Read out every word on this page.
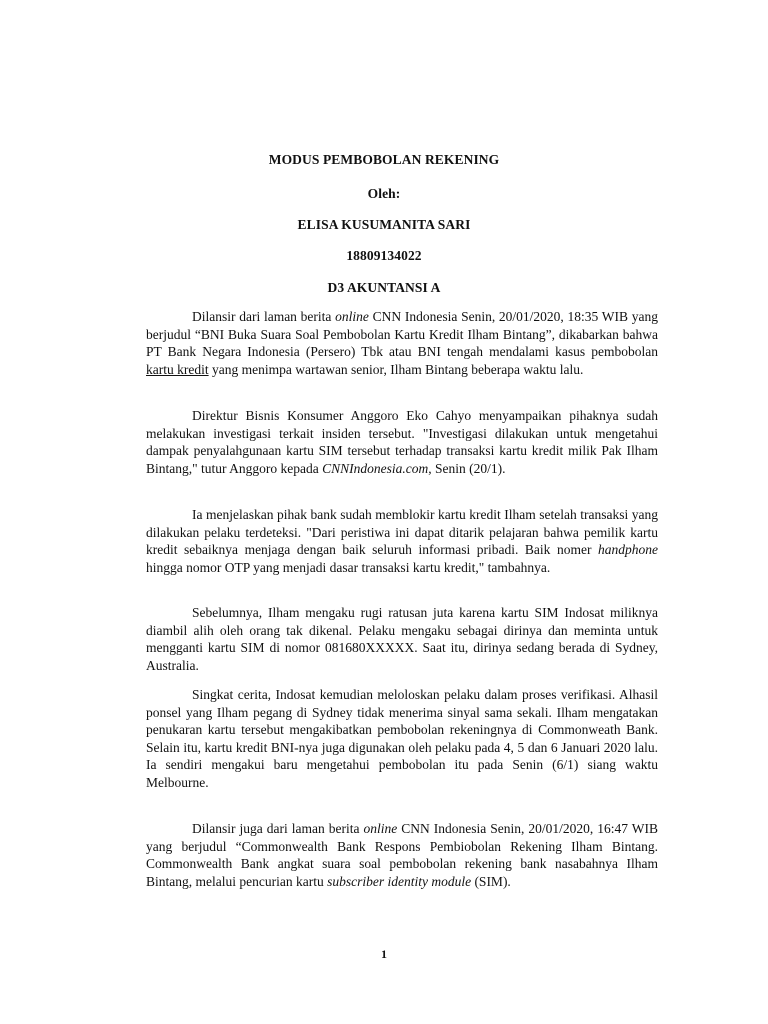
MODUS PEMBOBOLAN REKENING
Oleh:
ELISA KUSUMANITA SARI
18809134022
D3 AKUNTANSI A

Dilansir dari laman berita online CNN Indonesia Senin, 20/01/2020, 18:35 WIB yang berjudul “BNI Buka Suara Soal Pembobolan Kartu Kredit Ilham Bintang”, dikabarkan bahwa PT Bank Negara Indonesia (Persero) Tbk atau BNI tengah mendalami kasus pembobolan kartu kredit yang menimpa wartawan senior, Ilham Bintang beberapa waktu lalu.

Direktur Bisnis Konsumer Anggoro Eko Cahyo menyampaikan pihaknya sudah melakukan investigasi terkait insiden tersebut. "Investigasi dilakukan untuk mengetahui dampak penyalahgunaan kartu SIM tersebut terhadap transaksi kartu kredit milik Pak Ilham Bintang," tutur Anggoro kepada CNNIndonesia.com, Senin (20/1).

Ia menjelaskan pihak bank sudah memblokir kartu kredit Ilham setelah transaksi yang dilakukan pelaku terdeteksi. "Dari peristiwa ini dapat ditarik pelajaran bahwa pemilik kartu kredit sebaiknya menjaga dengan baik seluruh informasi pribadi. Baik nomer handphone hingga nomor OTP yang menjadi dasar transaksi kartu kredit," tambahnya.

Sebelumnya, Ilham mengaku rugi ratusan juta karena kartu SIM Indosat miliknya diambil alih oleh orang tak dikenal. Pelaku mengaku sebagai dirinya dan meminta untuk mengganti kartu SIM di nomor 081680XXXXX. Saat itu, dirinya sedang berada di Sydney, Australia.

Singkat cerita, Indosat kemudian meloloskan pelaku dalam proses verifikasi. Alhasil ponsel yang Ilham pegang di Sydney tidak menerima sinyal sama sekali. Ilham mengatakan penukaran kartu tersebut mengakibatkan pembobolan rekeningnya di Commonweath Bank. Selain itu, kartu kredit BNI-nya juga digunakan oleh pelaku pada 4, 5 dan 6 Januari 2020 lalu. Ia sendiri mengakui baru mengetahui pembobolan itu pada Senin (6/1) siang waktu Melbourne.

Dilansir juga dari laman berita online CNN Indonesia Senin, 20/01/2020, 16:47 WIB yang berjudul “Commonwealth Bank Respons Pembiobolan Rekening Ilham Bintang. Commonwealth Bank angkat suara soal pembobolan rekening bank nasabahnya Ilham Bintang, melalui pencurian kartu subscriber identity module (SIM).

1
